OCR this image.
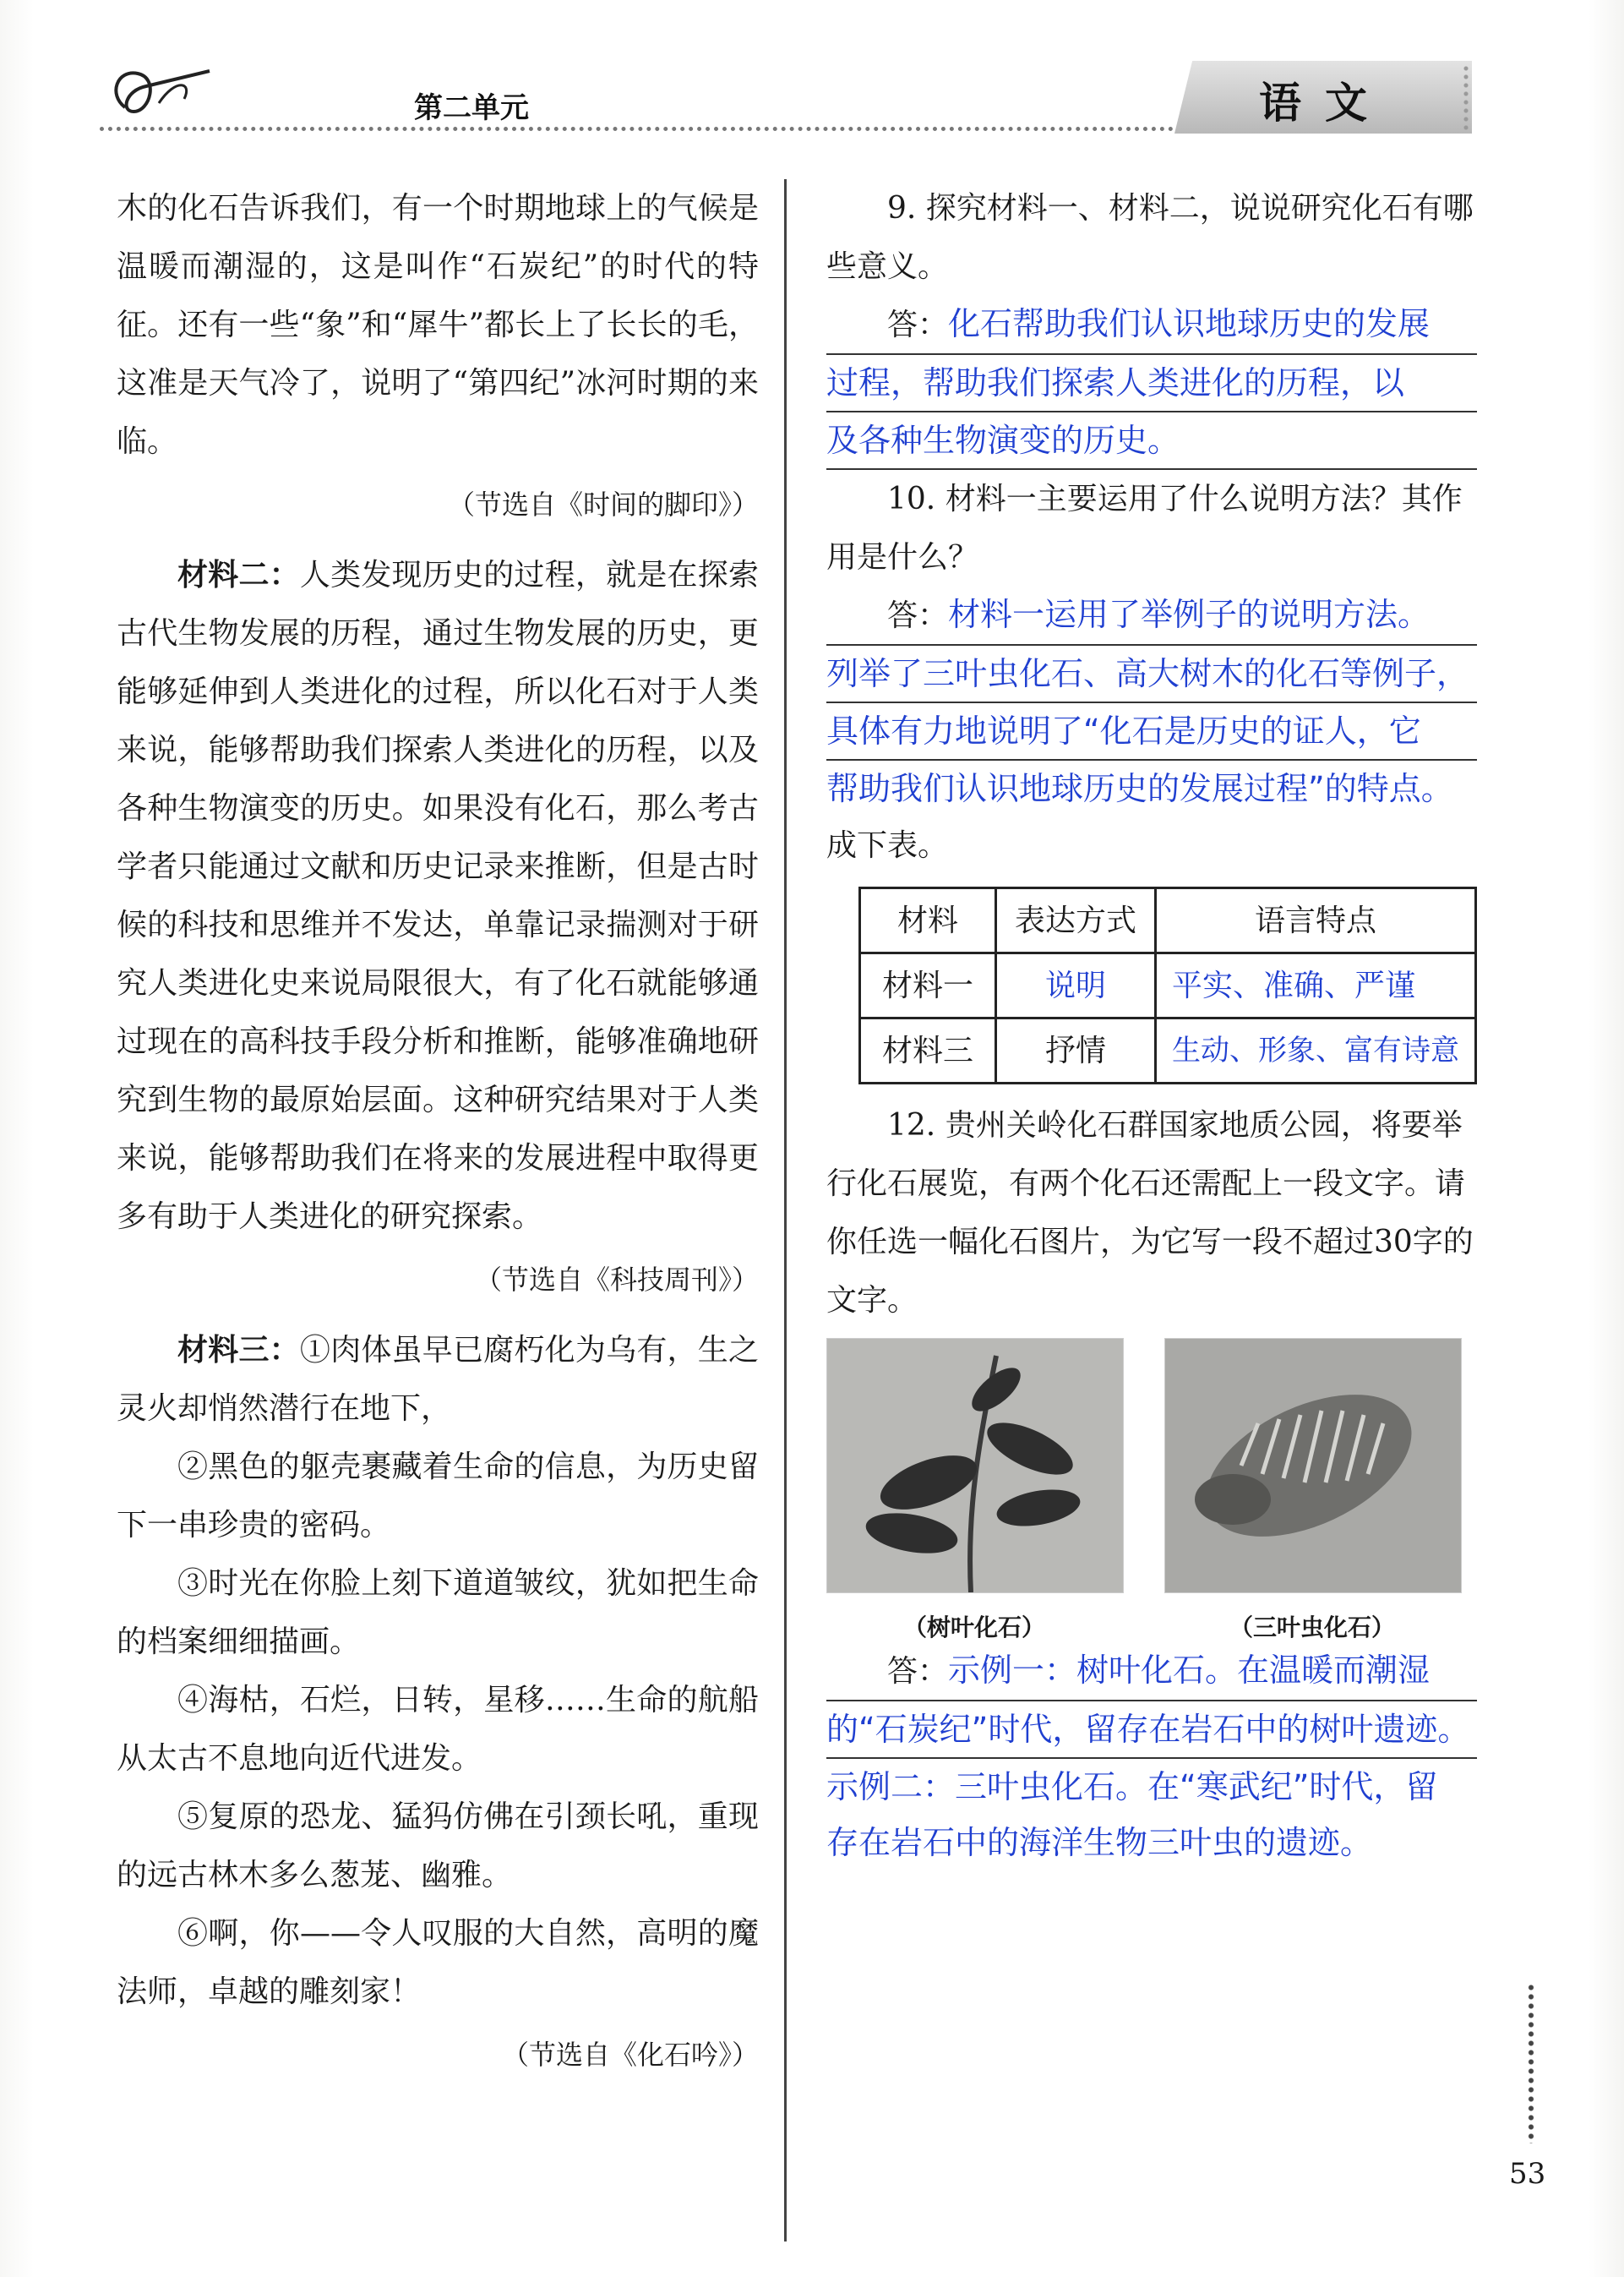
第二单元	语文

木的化石告诉我们，有一个时期地球上的气候是温暖而潮湿的，这是叫作“石炭纪”的时代的特征。还有一些“象”和“犀牛”都长上了长长的毛，这准是天气冷了，说明了“第四纪”冰河时期的来临。

（节选自《时间的脚印》）

材料二：人类发现历史的过程，就是在探索古代生物发展的历程，通过生物发展的历史，更能够延伸到人类进化的过程，所以化石对于人类来说，能够帮助我们探索人类进化的历程，以及各种生物演变的历史。如果没有化石，那么考古学者只能通过文献和历史记录来推断，但是古时候的科技和思维并不发达，单靠记录揣测对于研究人类进化史来说局限很大，有了化石就能够通过现在的高科技手段分析和推断，能够准确地研究到生物的最原始层面。这种研究结果对于人类来说，能够帮助我们在将来的发展进程中取得更多有助于人类进化的研究探索。

（节选自《科技周刊》）

材料三：①肉体虽早已腐朽化为乌有，生之灵火却悄然潜行在地下，

②黑色的躯壳裹藏着生命的信息，为历史留下一串珍贵的密码。

③时光在你脸上刻下道道皱纹，犹如把生命的档案细细描画。

④海枯，石烂，日转，星移……生命的航船从太古不息地向近代进发。

⑤复原的恐龙、猛犸仿佛在引颈长吼，重现的远古林木多么葱茏、幽雅。

⑥啊，你——令人叹服的大自然，高明的魔法师，卓越的雕刻家！

（节选自《化石吟》）

9. 探究材料一、材料二，说说研究化石有哪些意义。

答：化石帮助我们认识地球历史的发展
过程，帮助我们探索人类进化的历程，以
及各种生物演变的历史。

10. 材料一主要运用了什么说明方法？其作用是什么？

答：材料一运用了举例子的说明方法。
列举了三叶虫化石、高大树木的化石等例子，
具体有力地说明了“化石是历史的证人，它
帮助我们认识地球历史的发展过程”的特点。

成下表。

材料	表达方式	语言特点
材料一	说明	平实、准确、严谨
材料三	抒情	生动、形象、富有诗意

12. 贵州关岭化石群国家地质公园，将要举行化石展览，有两个化石还需配上一段文字。请你任选一幅化石图片，为它写一段不超过30字的文字。

（树叶化石）	（三叶虫化石）
答：示例一：树叶化石。在温暖而潮湿
的“石炭纪”时代，留存在岩石中的树叶遗迹。
示例二：三叶虫化石。在“寒武纪”时代，留
存在岩石中的海洋生物三叶虫的遗迹。
53
